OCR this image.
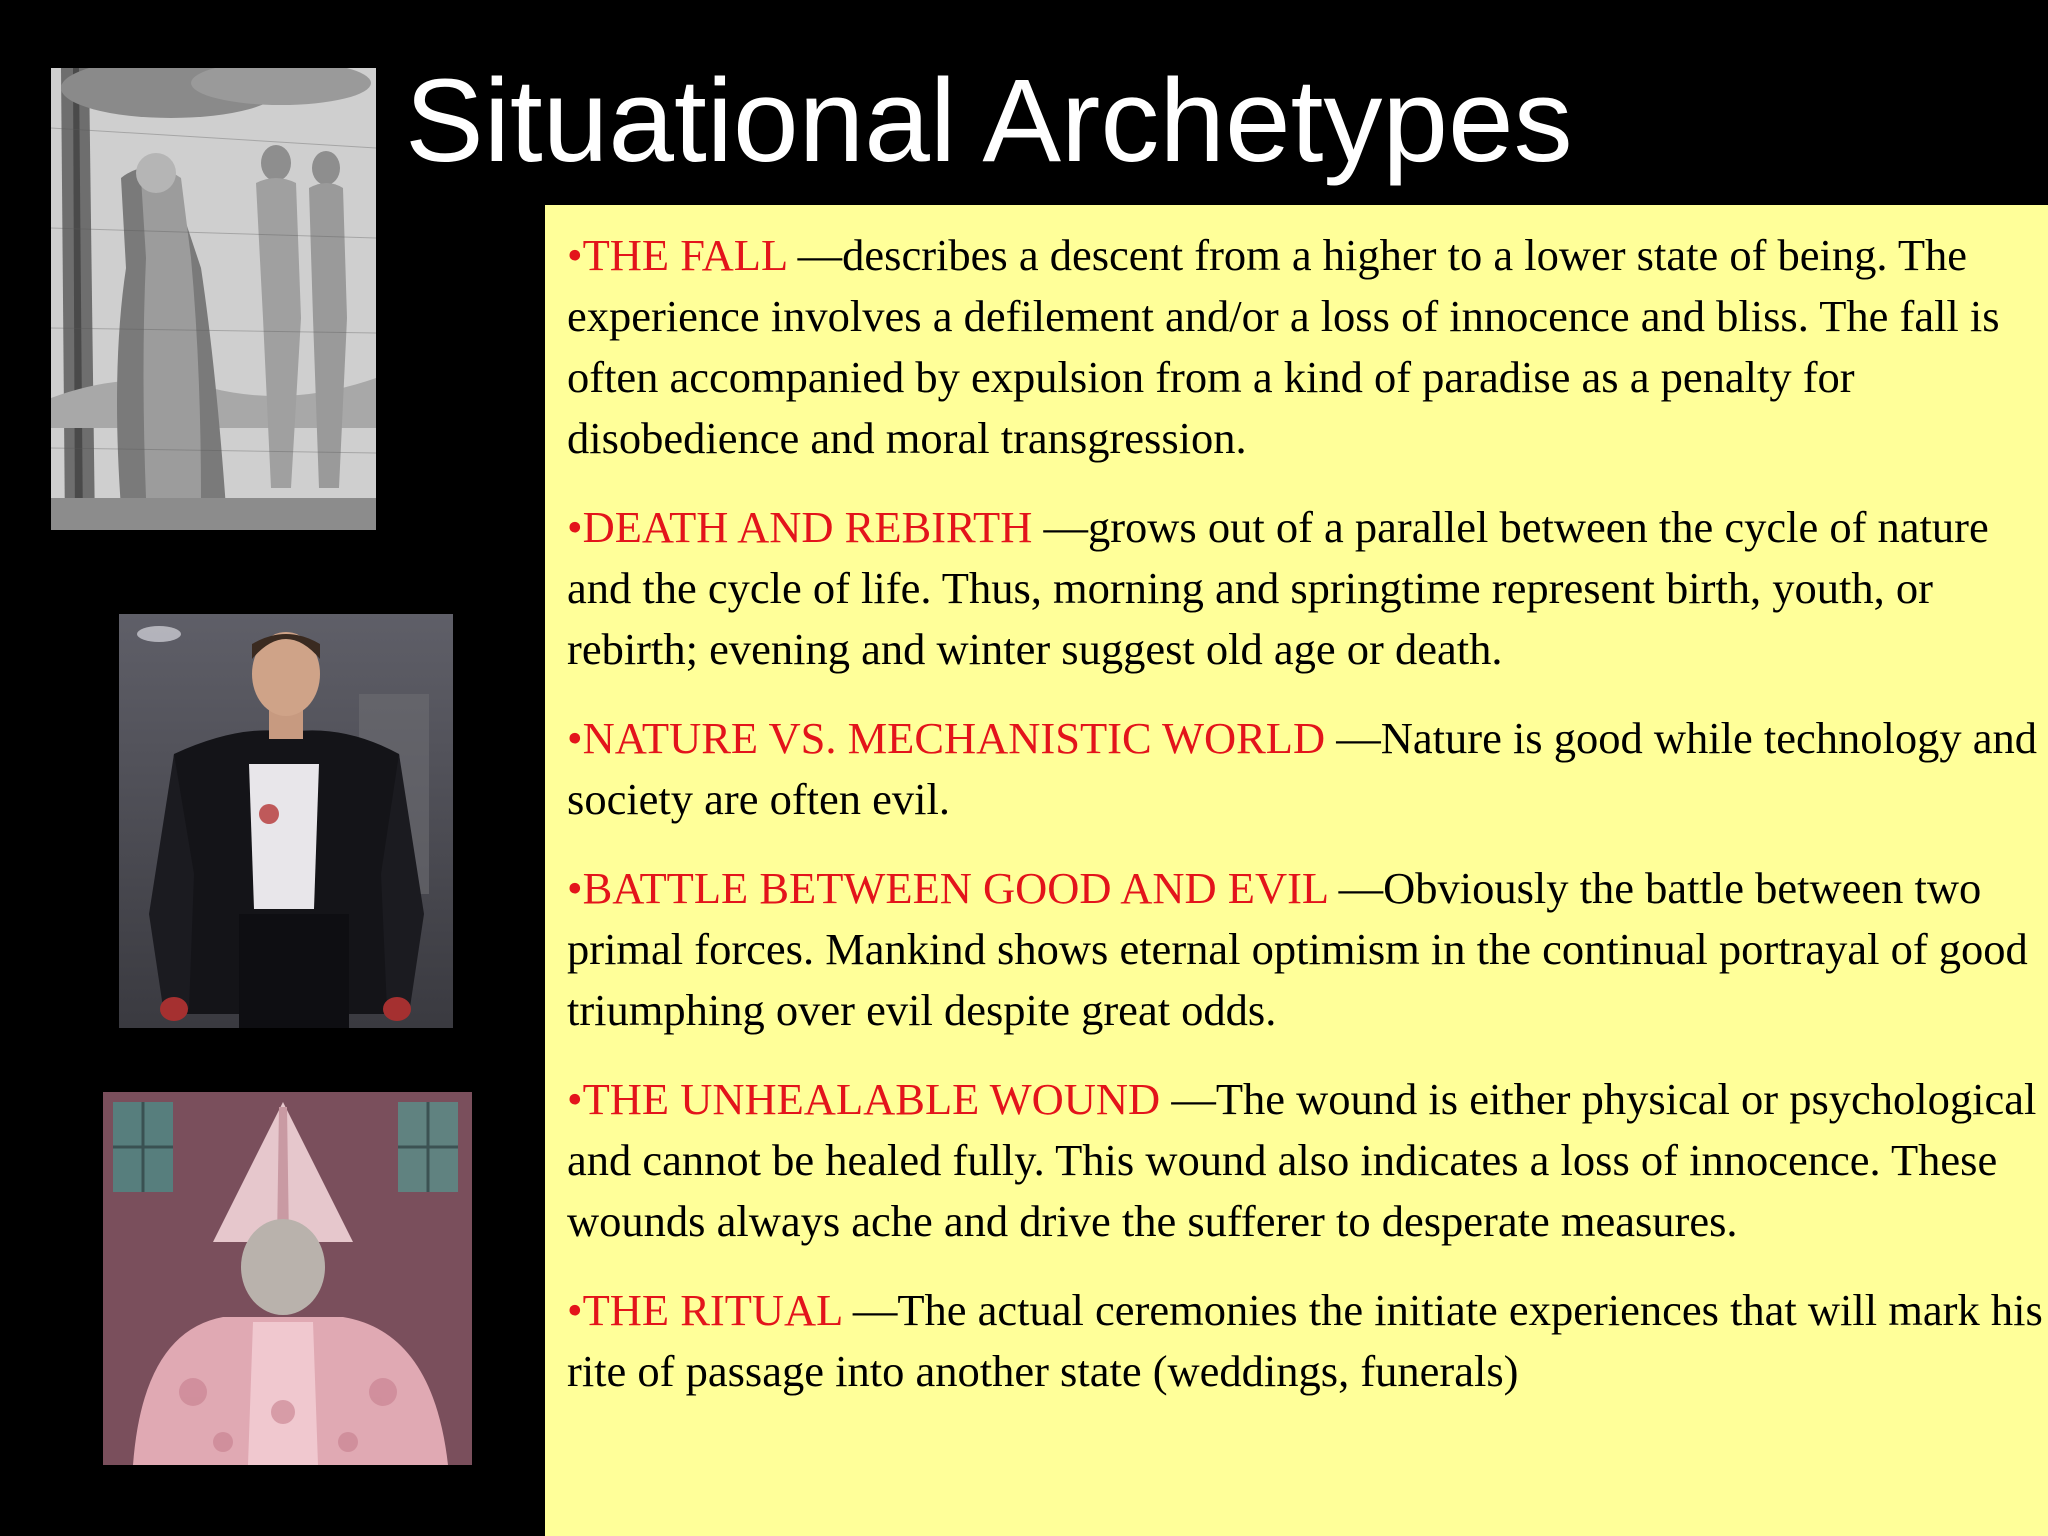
Situational Archetypes

•THE FALL —describes a descent from a higher to a lower state of being. The experience involves a defilement and/or a loss of innocence and bliss. The fall is often accompanied by expulsion from a kind of paradise as a penalty for disobedience and moral transgression.

•DEATH AND REBIRTH —grows out of a parallel between the cycle of nature and the cycle of life. Thus, morning and springtime represent birth, youth, or rebirth; evening and winter suggest old age or death.

•NATURE VS. MECHANISTIC WORLD —Nature is good while technology and society are often evil.

•BATTLE BETWEEN GOOD AND EVIL —Obviously the battle between two primal forces. Mankind shows eternal optimism in the continual portrayal of good triumphing over evil despite great odds.

•THE UNHEALABLE WOUND —The wound is either physical or psychological and cannot be healed fully. This wound also indicates a loss of innocence. These wounds always ache and drive the sufferer to desperate measures.

•THE RITUAL —The actual ceremonies the initiate experiences that will mark his rite of passage into another state (weddings, funerals)
